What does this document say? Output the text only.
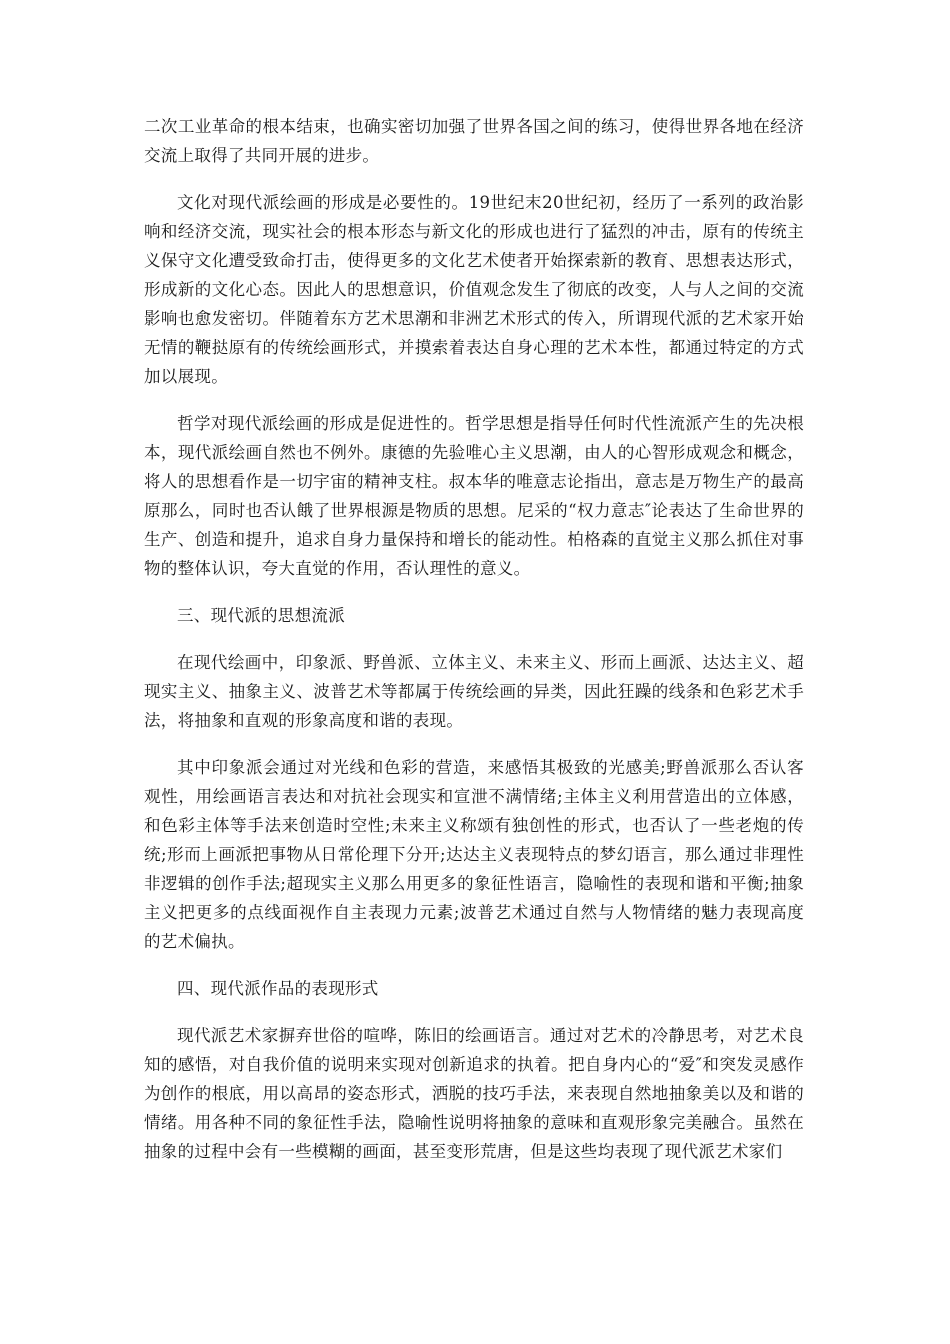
二次工业革命的根本结束，也确实密切加强了世界各国之间的练习，使得世界各地在经济交流上取得了共同开展的进步。

文化对现代派绘画的形成是必要性的。19世纪末20世纪初，经历了一系列的政治影响和经济交流，现实社会的根本形态与新文化的形成也进行了猛烈的冲击，原有的传统主义保守文化遭受致命打击，使得更多的文化艺术使者开始探索新的教育、思想表达形式，形成新的文化心态。因此人的思想意识，价值观念发生了彻底的改变，人与人之间的交流影响也愈发密切。伴随着东方艺术思潮和非洲艺术形式的传入，所谓现代派的艺术家开始无情的鞭挞原有的传统绘画形式，并摸索着表达自身心理的艺术本性，都通过特定的方式加以展现。

哲学对现代派绘画的形成是促进性的。哲学思想是指导任何时代性流派产生的先决根本，现代派绘画自然也不例外。康德的先验唯心主义思潮，由人的心智形成观念和概念，将人的思想看作是一切宇宙的精神支柱。叔本华的唯意志论指出，意志是万物生产的最高原那么，同时也否认餓了世界根源是物质的思想。尼采的“权力意志″论表达了生命世界的生产、创造和提升，追求自身力量保持和增长的能动性。柏格森的直觉主义那么抓住对事物的整体认识，夸大直觉的作用，否认理性的意义。

三、现代派的思想流派

在现代绘画中，印象派、野兽派、立体主义、未来主义、形而上画派、达达主义、超现实主义、抽象主义、波普艺术等都属于传统绘画的异类，因此狂躁的线条和色彩艺术手法，将抽象和直观的形象高度和谐的表现。

其中印象派会通过对光线和色彩的营造，来感悟其极致的光感美;野兽派那么否认客观性，用绘画语言表达和对抗社会现实和宣泄不满情绪;主体主义利用营造出的立体感，和色彩主体等手法来创造时空性;未来主义称颂有独创性的形式，也否认了一些老炮的传统;形而上画派把事物从日常伦理下分开;达达主义表现特点的梦幻语言，那么通过非理性非逻辑的创作手法;超现实主义那么用更多的象征性语言，隐喻性的表现和谐和平衡;抽象主义把更多的点线面视作自主表现力元素;波普艺术通过自然与人物情绪的魅力表现高度的艺术偏执。

四、现代派作品的表现形式

现代派艺术家摒弃世俗的喧哗，陈旧的绘画语言。通过对艺术的冷静思考，对艺术良知的感悟，对自我价值的说明来实现对创新追求的执着。把自身内心的“爱″和突发灵感作为创作的根底，用以高昂的姿态形式，洒脱的技巧手法，来表现自然地抽象美以及和谐的情绪。用各种不同的象征性手法，隐喻性说明将抽象的意味和直观形象完美融合。虽然在抽象的过程中会有一些模糊的画面，甚至变形荒唐，但是这些均表现了现代派艺术家们
